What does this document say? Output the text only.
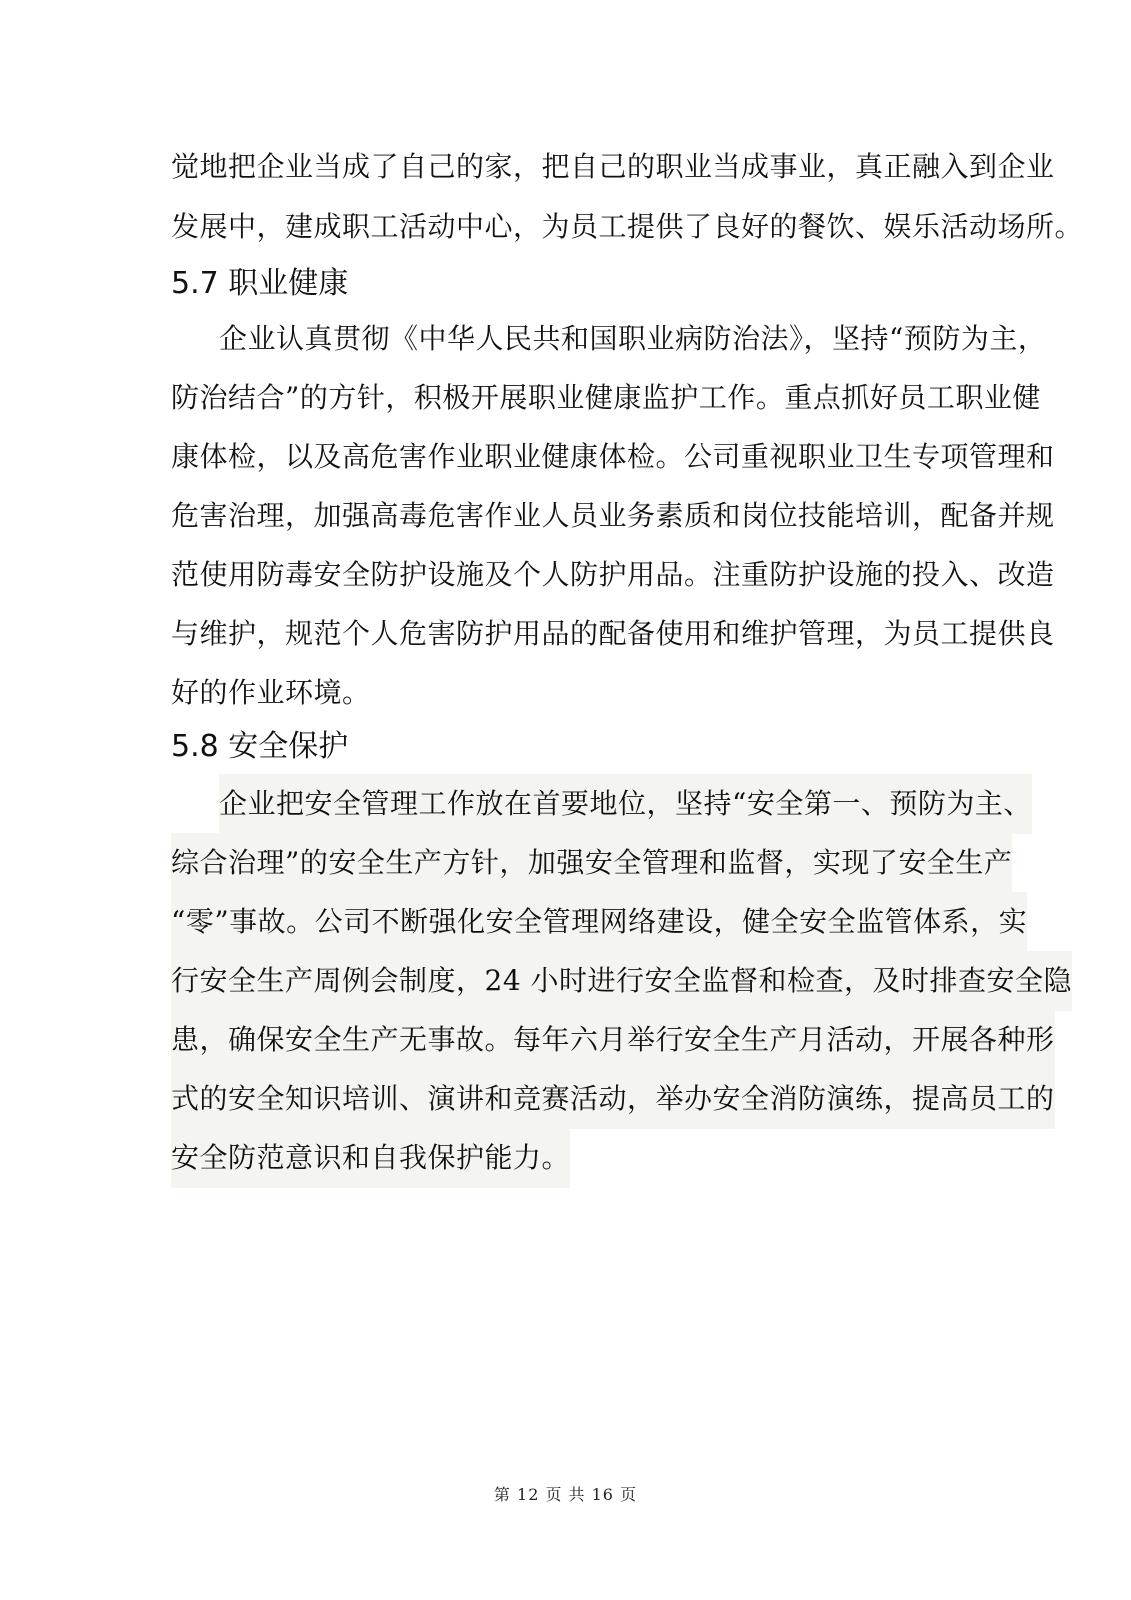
觉地把企业当成了自己的家，把自己的职业当成事业，真正融入到企业
发展中，建成职工活动中心，为员工提供了良好的餐饮、娱乐活动场所。
5.7 职业健康
企业认真贯彻《中华人民共和国职业病防治法》，坚持“预防为主，
防治结合”的方针，积极开展职业健康监护工作。重点抓好员工职业健
康体检，以及高危害作业职业健康体检。公司重视职业卫生专项管理和
危害治理，加强高毒危害作业人员业务素质和岗位技能培训，配备并规
范使用防毒安全防护设施及个人防护用品。注重防护设施的投入、改造
与维护，规范个人危害防护用品的配备使用和维护管理，为员工提供良
好的作业环境。
5.8 安全保护
企业把安全管理工作放在首要地位，坚持“安全第一、预防为主、
综合治理”的安全生产方针，加强安全管理和监督，实现了安全生产
“零”事故。公司不断强化安全管理网络建设，健全安全监管体系，实
行安全生产周例会制度，24 小时进行安全监督和检查，及时排查安全隐
患，确保安全生产无事故。每年六月举行安全生产月活动，开展各种形
式的安全知识培训、演讲和竞赛活动，举办安全消防演练，提高员工的
安全防范意识和自我保护能力。
第 12 页 共 16 页
